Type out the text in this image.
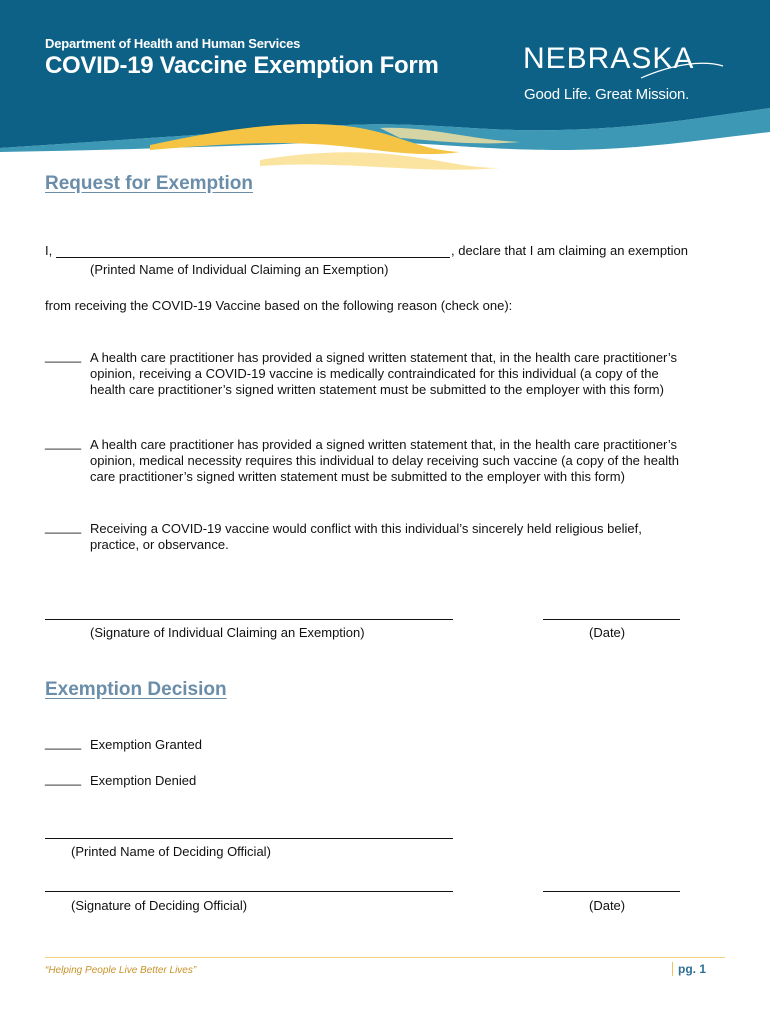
Department of Health and Human Services
COVID-19 Vaccine Exemption Form	NEBRASKA
Good Life. Great Mission.
Request for Exemption
I,	, declare that I am claiming an exemption
(Printed Name of Individual Claiming an Exemption)
from receiving the COVID-19 Vaccine based on the following reason (check one):
_____ A health care practitioner has provided a signed written statement that, in the health care practitioner’s
opinion, receiving a COVID-19 vaccine is medically contraindicated for this individual (a copy of the
health care practitioner’s signed written statement must be submitted to the employer with this form)
_____ A health care practitioner has provided a signed written statement that, in the health care practitioner’s
opinion, medical necessity requires this individual to delay receiving such vaccine (a copy of the health
care practitioner’s signed written statement must be submitted to the employer with this form)
_____ Receiving a COVID-19 vaccine would conflict with this individual’s sincerely held religious belief,
practice, or observance.
(Signature of Individual Claiming an Exemption)	(Date)
Exemption Decision
_____ Exemption Granted
_____ Exemption Denied
(Printed Name of Deciding Official)
(Signature of Deciding Official)	(Date)
“Helping People Live Better Lives”	pg. 1
